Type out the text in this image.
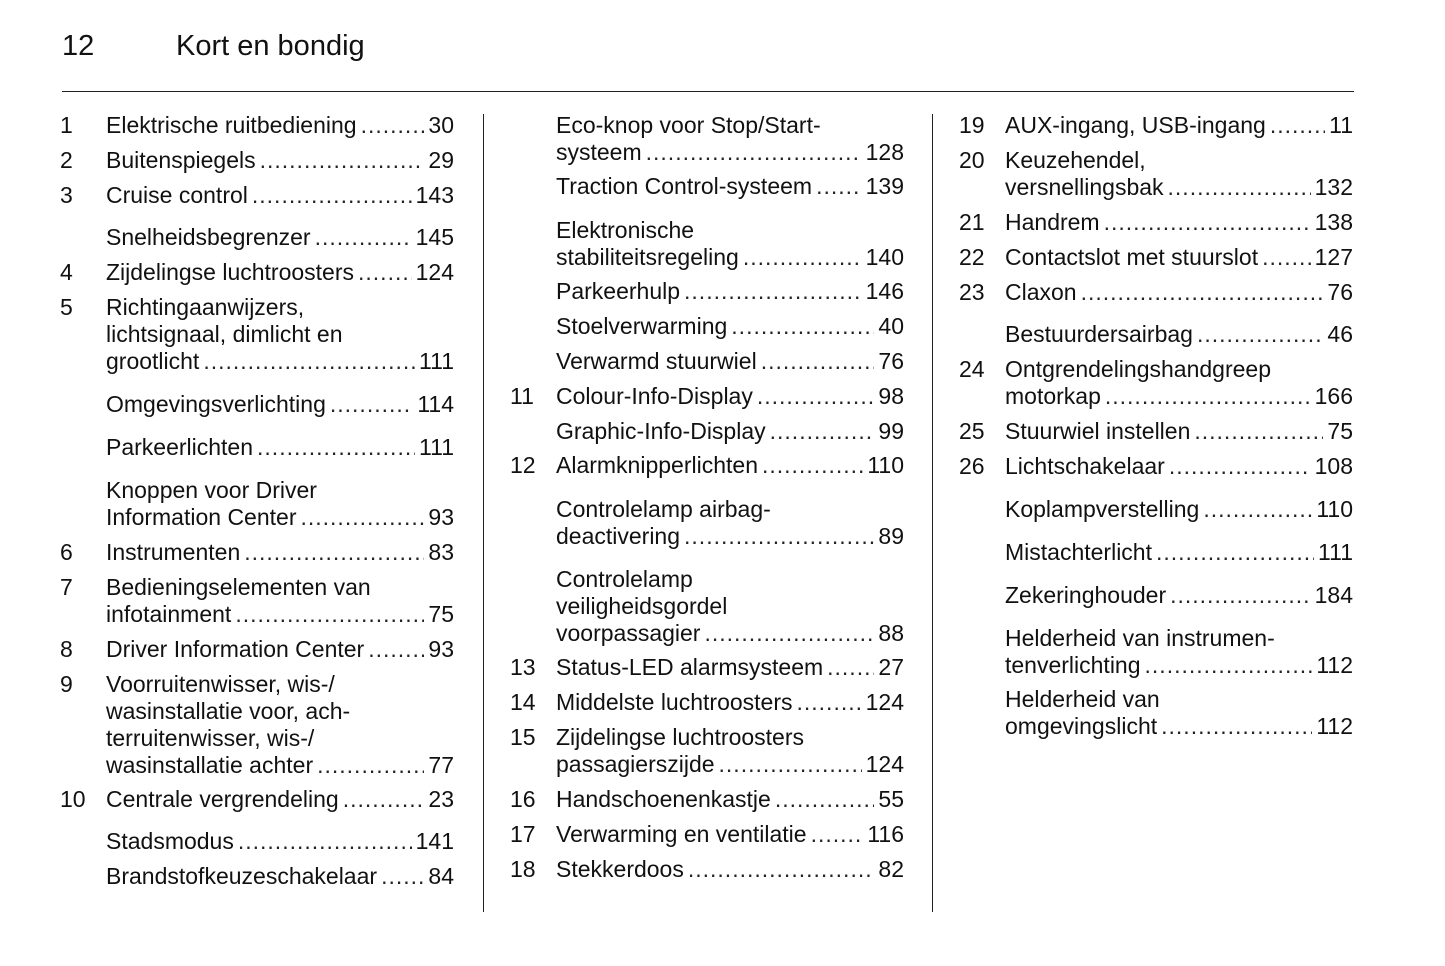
12	Kort en bondig
1	Elektrische ruitbediening .....	30
2	Buitenspiegels .....	29
3	Cruise control .....	143
Snelheidsbegrenzer .....	145
4	Zijdelingse luchtroosters .....	124
5	Richtingaanwijzers,
lichtsignaal, dimlicht en
grootlicht .....	111
Omgevingsverlichting .....	114
Parkeerlichten .....	111
Knoppen voor Driver
Information Center .....	93
6	Instrumenten .....	83
7	Bedieningselementen van
infotainment .....	75
8	Driver Information Center .....	93
9	Voorruitenwisser, wis-/
wasinstallatie voor, ach-
terruitenwisser, wis-/
wasinstallatie achter .....	77
10 Centrale vergrendeling .....	23
Stadsmodus .....	141
Brandstofkeuzeschakelaar ..... 84
Eco-knop voor Stop/Start-
systeem .....	128
Traction Control-systeem ..... 139
Elektronische
stabiliteitsregeling .....	140
Parkeerhulp .....	146
Stoelverwarming .....	40
Verwarmd stuurwiel .....	76
11 Colour-Info-Display .....	98
Graphic-Info-Display .....	99
12 Alarmknipperlichten .....	110
Controlelamp airbag-
deactivering .....	89
Controlelamp
veiligheidsgordel
voorpassagier .....	88
13 Status-LED alarmsysteem ..... 27
14 Middelste luchtroosters .....	124
15 Zijdelingse luchtroosters
passagierszijde .....	124
16 Handschoenenkastje .....	55
17 Verwarming en ventilatie .....	116
18 Stekkerdoos .....	82
19 AUX-ingang, USB-ingang .....	11
20 Keuzehendel,
versnellingsbak .....	132
21 Handrem .....	138
22 Contactslot met stuurslot ..... 127
23 Claxon .....	76
Bestuurdersairbag .....	46
24 Ontgrendelingshandgreep
motorkap .....	166
25 Stuurwiel instellen .....	75
26 Lichtschakelaar .....	108
Koplampverstelling .....	110
Mistachterlicht .....	111
Zekeringhouder .....	184
Helderheid van instrumen-
tenverlichting .....	112
Helderheid van
omgevingslicht .....	112
